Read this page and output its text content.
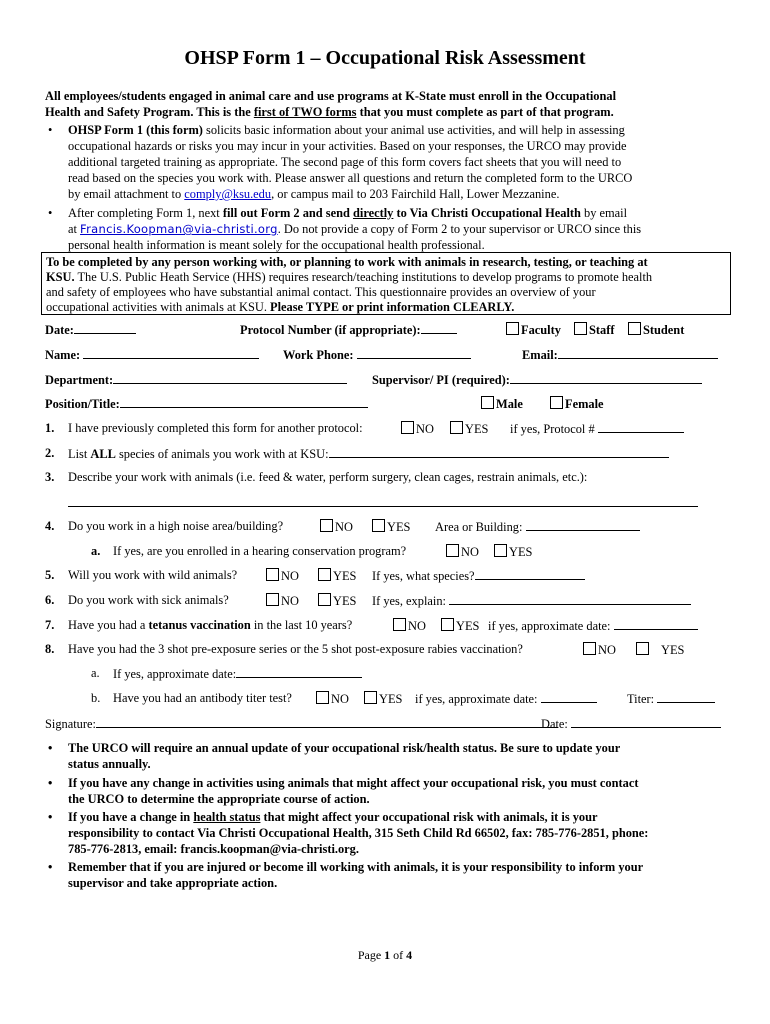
OHSP Form 1 – Occupational Risk Assessment
All employees/students engaged in animal care and use programs at K-State must enroll in the Occupational
Health and Safety Program. This is the first of TWO forms that you must complete as part of that program.
• OHSP Form 1 (this form) solicits basic information about your animal use activities, and will help in assessing
occupational hazards or risks you may incur in your activities. Based on your responses, the URCO may provide
additional targeted training as appropriate. The second page of this form covers fact sheets that you will need to
read based on the species you work with. Please answer all questions and return the completed form to the URCO
by email attachment to comply@ksu.edu, or campus mail to 203 Fairchild Hall, Lower Mezzanine.
• After completing Form 1, next fill out Form 2 and send directly to Via Christi Occupational Health by email
at Francis.Koopman@via-christi.org. Do not provide a copy of Form 2 to your supervisor or URCO since this
personal health information is meant solely for the occupational health professional.
To be completed by any person working with, or planning to work with animals in research, testing, or teaching at
KSU. The U.S. Public Heath Service (HHS) requires research/teaching institutions to develop programs to promote health
and safety of employees who have substantial animal contact. This questionnaire provides an overview of your
occupational activities with animals at KSU. Please TYPE or print information CLEARLY.
Date:	Protocol Number (if appropriate):	Faculty	Staff	Student
Name:	Work Phone:	Email:
Department:	Supervisor/ PI (required):
Position/Title:	Male	Female
1. I have previously completed this form for another protocol:	NO	YES if yes, Protocol #
2. List ALL species of animals you work with at KSU:
3. Describe your work with animals (i.e. feed & water, perform surgery, clean cages, restrain animals, etc.):
4. Do you work in a high noise area/building?	NO	YES Area or Building:
a. If yes, are you enrolled in a hearing conservation program?	NO	YES
5. Will you work with wild animals?	NO	YES If yes, what species?
6. Do you work with sick animals?	NO	YES If yes, explain:
7. Have you had a tetanus vaccination in the last 10 years?	NO	YES if yes, approximate date:
8. Have you had the 3 shot pre-exposure series or the 5 shot post-exposure rabies vaccination?	NO	YES
a. If yes, approximate date:
b. Have you had an antibody titer test?	NO	YES if yes, approximate date:	Titer:
Signature:	Date:
• The URCO will require an annual update of your occupational risk/health status. Be sure to update your
status annually.
• If you have any change in activities using animals that might affect your occupational risk, you must contact
the URCO to determine the appropriate course of action.
• If you have a change in health status that might affect your occupational risk with animals, it is your
responsibility to contact Via Christi Occupational Health, 315 Seth Child Rd 66502, fax: 785-776-2851, phone:
785-776-2813, email: francis.koopman@via-christi.org.
• Remember that if you are injured or become ill working with animals, it is your responsibility to inform your
supervisor and take appropriate action.
Page 1 of 4
